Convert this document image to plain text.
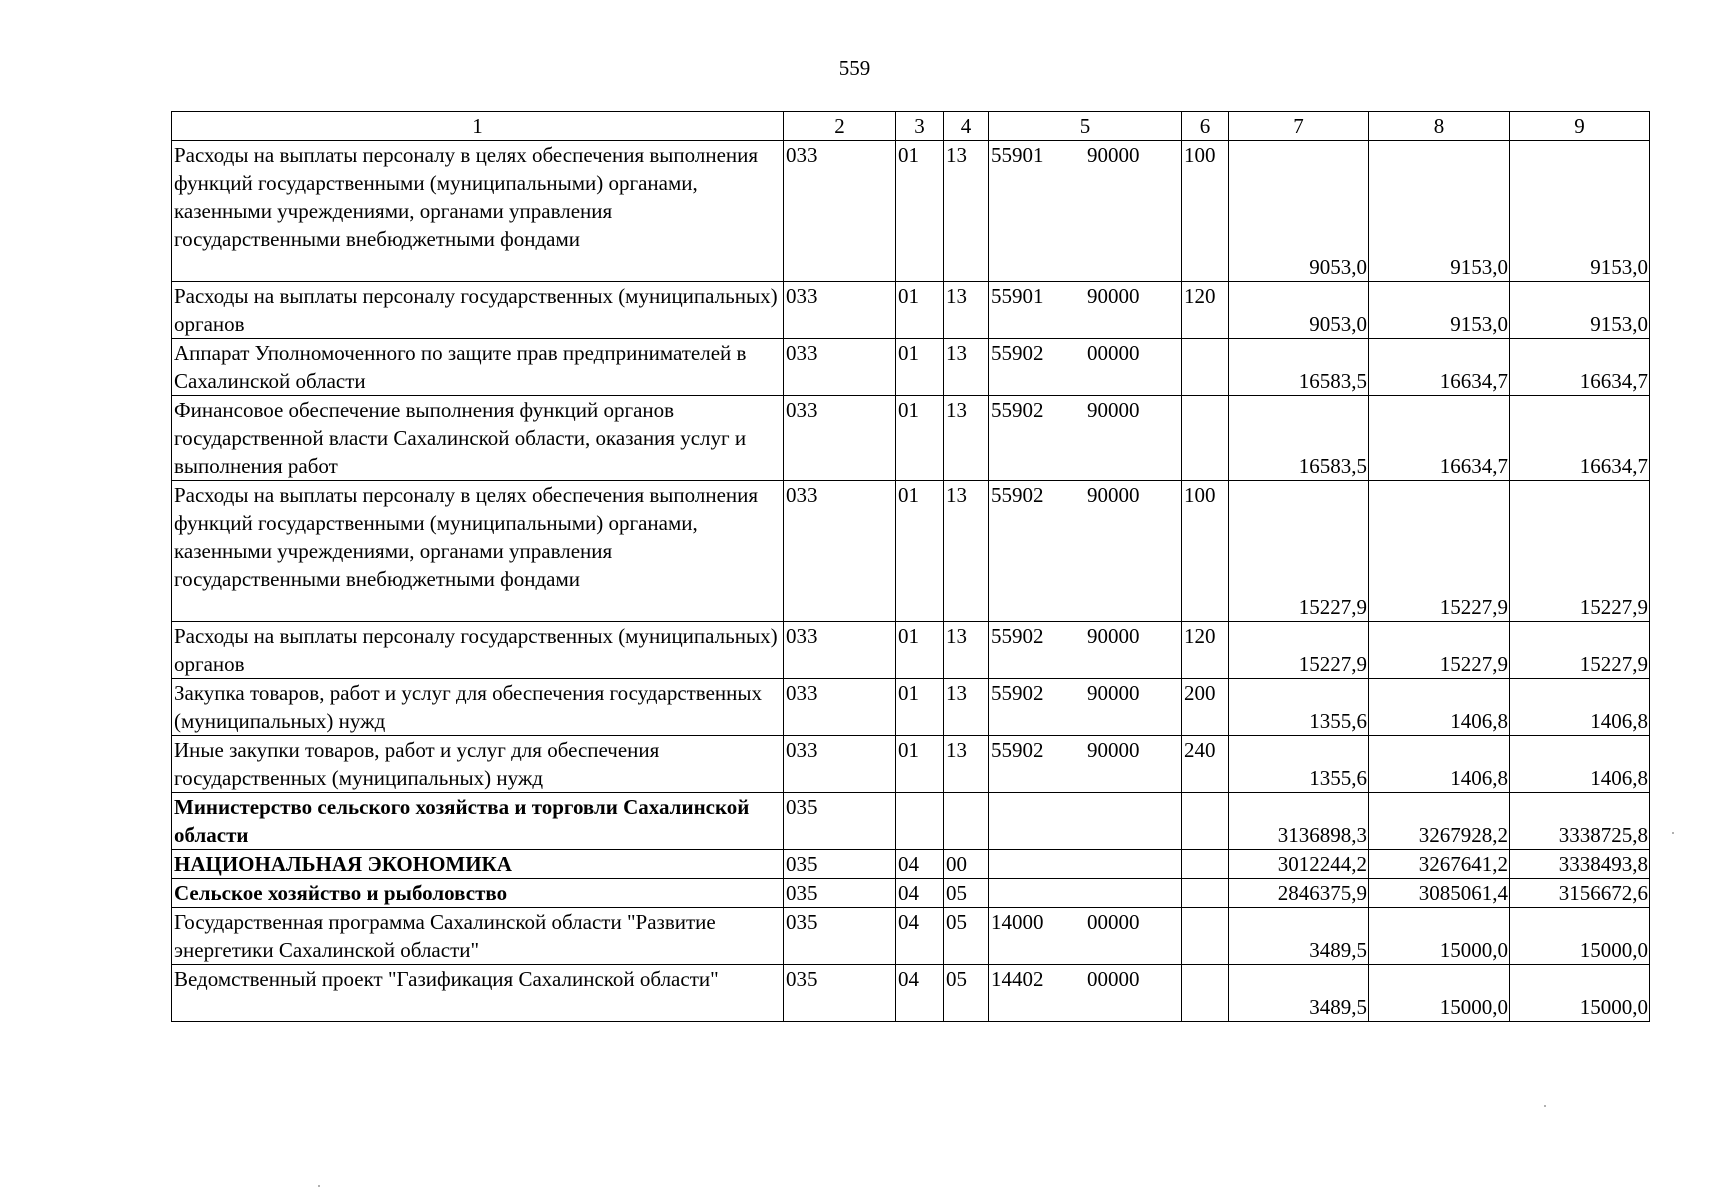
559
1	2	3	4	5	6	7	8	9
Расходы на выплаты персоналу в целях обеспечения выполнения функций государственными (муниципальными) органами, казенными учреждениями, органами управления государственными внебюджетными фондами	033	01	13	55901 90000	100	9053,0	9153,0	9153,0
Расходы на выплаты персоналу государственных (муниципальных) органов	033	01	13	55901 90000	120	9053,0	9153,0	9153,0
Аппарат Уполномоченного по защите прав предпринимателей в Сахалинской области	033	01	13	55902 00000		16583,5	16634,7	16634,7
Финансовое обеспечение выполнения функций органов государственной власти Сахалинской области, оказания услуг и выполнения работ	033	01	13	55902 90000		16583,5	16634,7	16634,7
Расходы на выплаты персоналу в целях обеспечения выполнения функций государственными (муниципальными) органами, казенными учреждениями, органами управления государственными внебюджетными фондами	033	01	13	55902 90000	100	15227,9	15227,9	15227,9
Расходы на выплаты персоналу государственных (муниципальных) органов	033	01	13	55902 90000	120	15227,9	15227,9	15227,9
Закупка товаров, работ и услуг для обеспечения государственных (муниципальных) нужд	033	01	13	55902 90000	200	1355,6	1406,8	1406,8
Иные закупки товаров, работ и услуг для обеспечения государственных (муниципальных) нужд	033	01	13	55902 90000	240	1355,6	1406,8	1406,8
Министерство сельского хозяйства и торговли Сахалинской области	035					3136898,3	3267928,2	3338725,8
НАЦИОНАЛЬНАЯ ЭКОНОМИКА	035	04	00			3012244,2	3267641,2	3338493,8
Сельское хозяйство и рыболовство	035	04	05			2846375,9	3085061,4	3156672,6
Государственная программа Сахалинской области "Развитие энергетики Сахалинской области"	035	04	05	14000 00000		3489,5	15000,0	15000,0
Ведомственный проект "Газификация Сахалинской области"	035	04	05	14402 00000		3489,5	15000,0	15000,0
